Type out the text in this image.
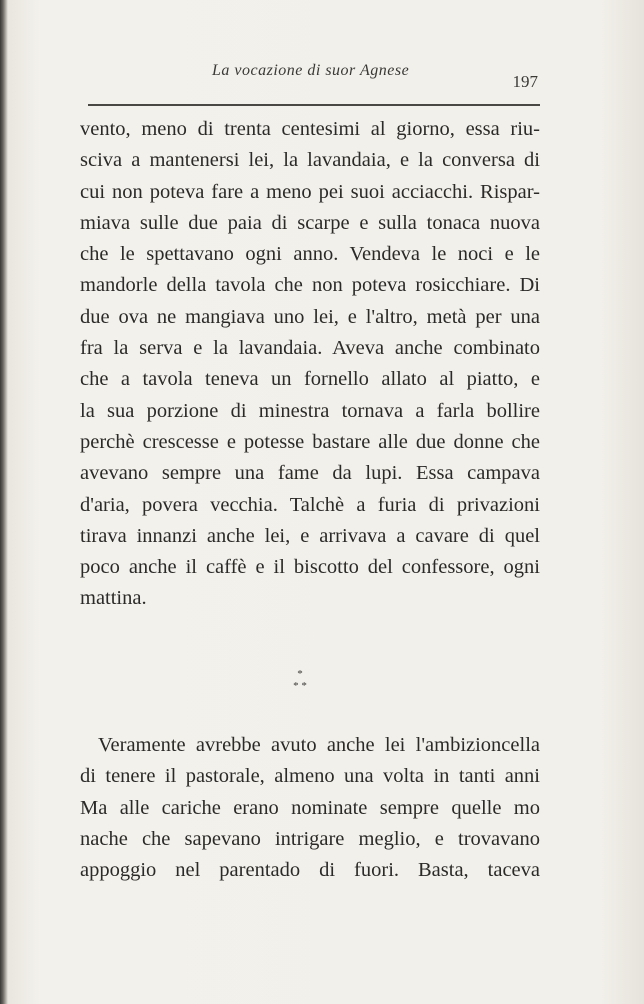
La vocazione di suor Agnese
197
vento, meno di trenta centesimi al giorno, essa riu-
sciva a mantenersi lei, la lavandaia, e la conversa di
cui non poteva fare a meno pei suoi acciacchi. Rispar-
miava sulle due paia di scarpe e sulla tonaca nuova
che le spettavano ogni anno. Vendeva le noci e le
mandorle della tavola che non poteva rosicchiare. Di
due ova ne mangiava uno lei, e l'altro, metà per una
fra la serva e la lavandaia. Aveva anche combinato
che a tavola teneva un fornello allato al piatto, e
la sua porzione di minestra tornava a farla bollire
perchè crescesse e potesse bastare alle due donne che
avevano sempre una fame da lupi. Essa campava
d'aria, povera vecchia. Talchè a furia di privazioni
tirava innanzi anche lei, e arrivava a cavare di quel
poco anche il caffè e il biscotto del confessore, ogni
mattina.
*
* *
Veramente avrebbe avuto anche lei l'ambizioncella
di tenere il pastorale, almeno una volta in tanti anni
Ma alle cariche erano nominate sempre quelle mo
nache che sapevano intrigare meglio, e trovavano
appoggio nel parentado di fuori. Basta, taceva
